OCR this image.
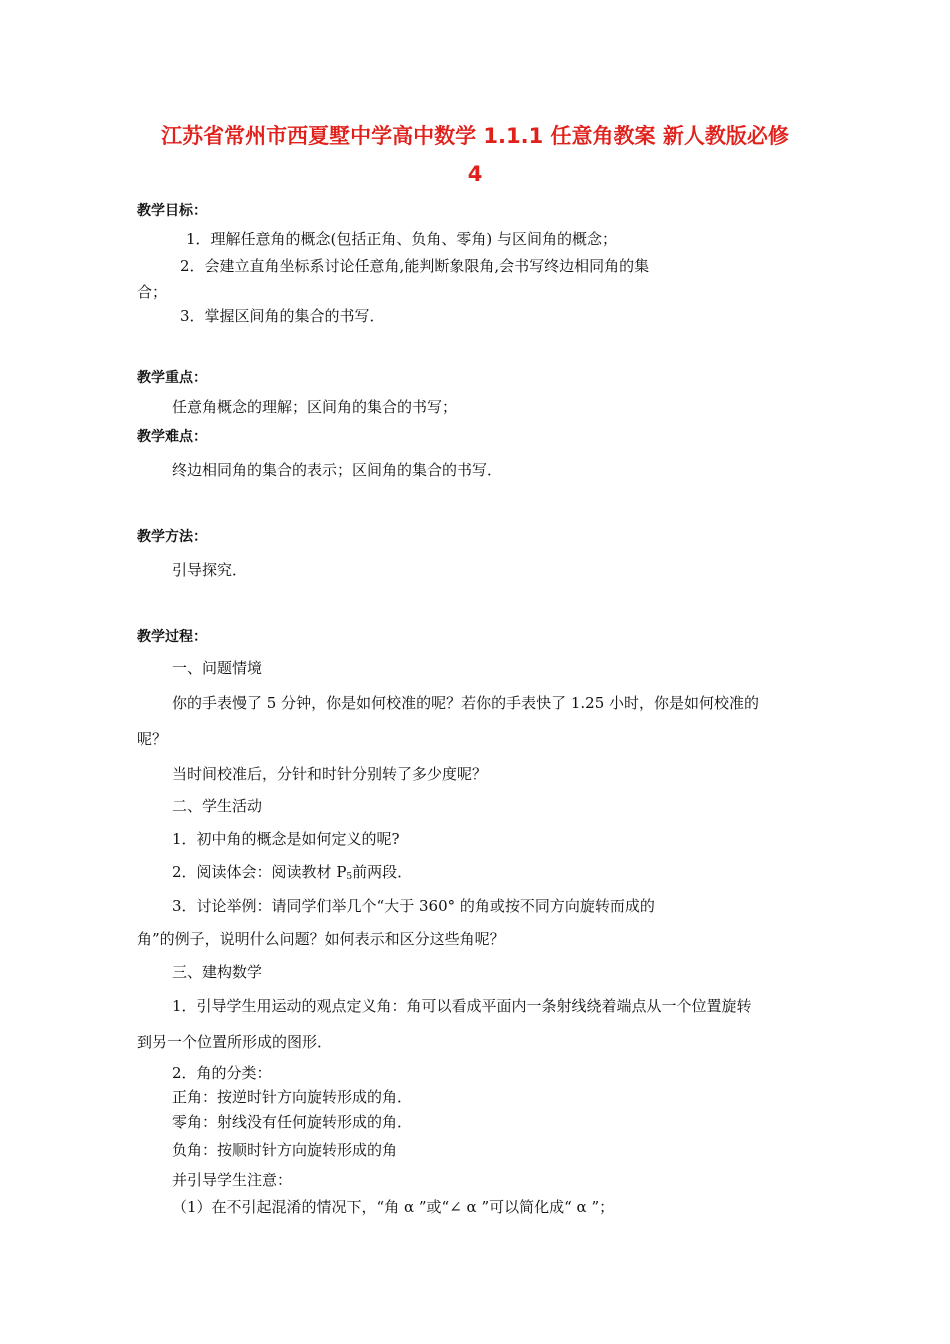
江苏省常州市西夏墅中学高中数学 1.1.1 任意角教案 新人教版必修
4
教学目标：
1．理解任意角的概念(包括正角、负角、零角) 与区间角的概念；
2．会建立直角坐标系讨论任意角,能判断象限角,会书写终边相同角的集
合；
3．掌握区间角的集合的书写．
教学重点：
任意角概念的理解；区间角的集合的书写；
教学难点：
终边相同角的集合的表示；区间角的集合的书写．
教学方法：
引导探究．
教学过程：
一、问题情境
你的手表慢了 5 分钟，你是如何校准的呢？若你的手表快了 1.25 小时，你是如何校准的
呢？
当时间校准后，分针和时针分别转了多少度呢？
二、学生活动
1．初中角的概念是如何定义的呢?
2．阅读体会：阅读教材 $P_5$前两段．
3．讨论举例：请同学们举几个“大于 360° 的角或按不同方向旋转而成的
角”的例子，说明什么问题？如何表示和区分这些角呢？
三、建构数学
1．引导学生用运动的观点定义角：角可以看成平面内一条射线绕着端点从一个位置旋转
到另一个位置所形成的图形．
2．角的分类：
正角：按逆时针方向旋转形成的角．
零角：射线没有任何旋转形成的角．
负角：按顺时针方向旋转形成的角
并引导学生注意：
（1）在不引起混淆的情况下，“角 α ”或“∠ α ”可以简化成“ α ”；
